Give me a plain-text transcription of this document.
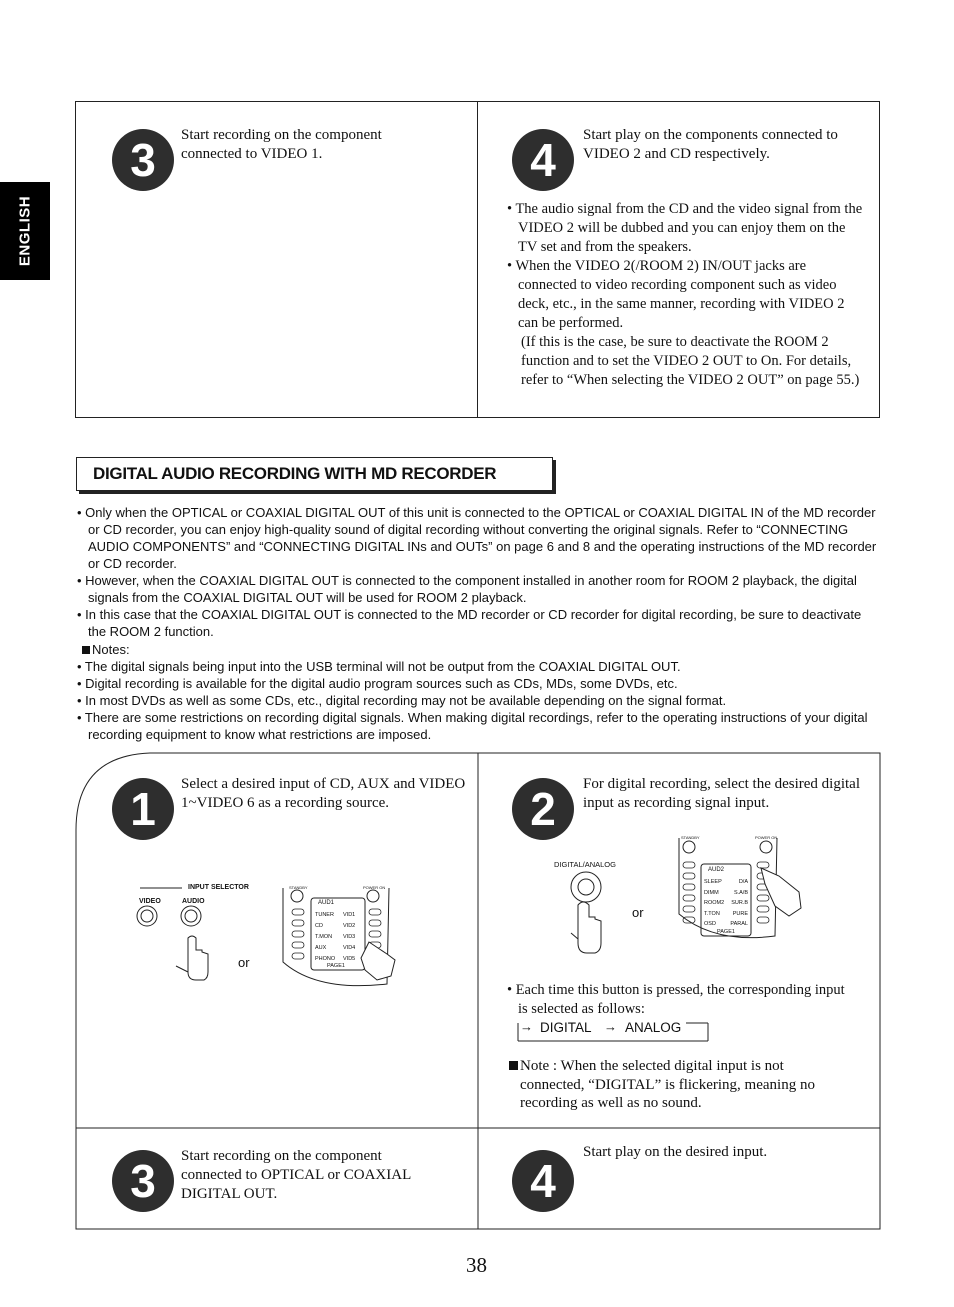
ENGLISH
3	Start recording on the component connected to VIDEO 1.	4	Start play on the components connected to VIDEO 2 and CD respectively.

• The audio signal from the CD and the video signal from the VIDEO 2 will be dubbed and you can enjoy them on the TV set and from the speakers.

• When the VIDEO 2(/ROOM 2) IN/OUT jacks are connected to video recording component such as video deck, etc., in the same manner, recording with VIDEO 2 can be performed.

(If this is the case, be sure to deactivate the ROOM 2 function and to set the VIDEO 2 OUT to On. For details, refer to “When selecting the VIDEO 2 OUT” on page 55.)

DIGITAL AUDIO RECORDING WITH MD RECORDER

• Only when the OPTICAL or COAXIAL DIGITAL OUT of this unit is connected to the OPTICAL or COAXIAL DIGITAL IN of the MD recorder or CD recorder, you can enjoy high-quality sound of digital recording without converting the original signals. Refer to “CONNECTING AUDIO COMPONENTS” and “CONNECTING DIGITAL INs and OUTs” on page 6 and 8 and the operating instructions of the MD recorder or CD recorder.

• However, when the COAXIAL DIGITAL OUT is connected to the component installed in another room for ROOM 2 playback, the digital signals from the COAXIAL DIGITAL OUT will be used for ROOM 2 playback.

• In this case that the COAXIAL DIGITAL OUT is connected to the MD recorder or CD recorder for digital recording, be sure to deactivate the ROOM 2 function.

Notes:

• The digital signals being input into the USB terminal will not be output from the COAXIAL DIGITAL OUT.

• Digital recording is available for the digital audio program sources such as CDs, MDs, some DVDs, etc.

• In most DVDs as well as some CDs, etc., digital recording may not be available depending on the signal format.

• There are some restrictions on recording digital signals. When making digital recordings, refer to the operating instructions of your digital recording equipment to know what restrictions are imposed.

1	Select a desired input of CD, AUX and VIDEO 1~VIDEO 6 as a recording source.
INPUT SELECTOR
VIDEO	AUDIO
or
STANDBY	POWER ON
AUD1
TUNER
CD
T.MON
AUX
PHONO
VID1
VID2
VID3
VID4
VID5
PAGE1
2	For digital recording, select the desired digital input as recording signal input.
DIGITAL/ANALOG
or
STANDBY	POWER ON
AUD2
SLEEP
DIMM
ROOM2
T.TON
OSD
D/A
S.A/B
SUR.B
PURE
PARAL
PAGE1

• Each time this button is pressed, the corresponding input is selected as follows:

→ DIGITAL → ANALOG
Note : When the selected digital input is not connected, “DIGITAL” is flickering, meaning no recording as well as no sound.
3	Start recording on the component connected to OPTICAL or COAXIAL DIGITAL OUT.	4
Start play on the desired input.
38
